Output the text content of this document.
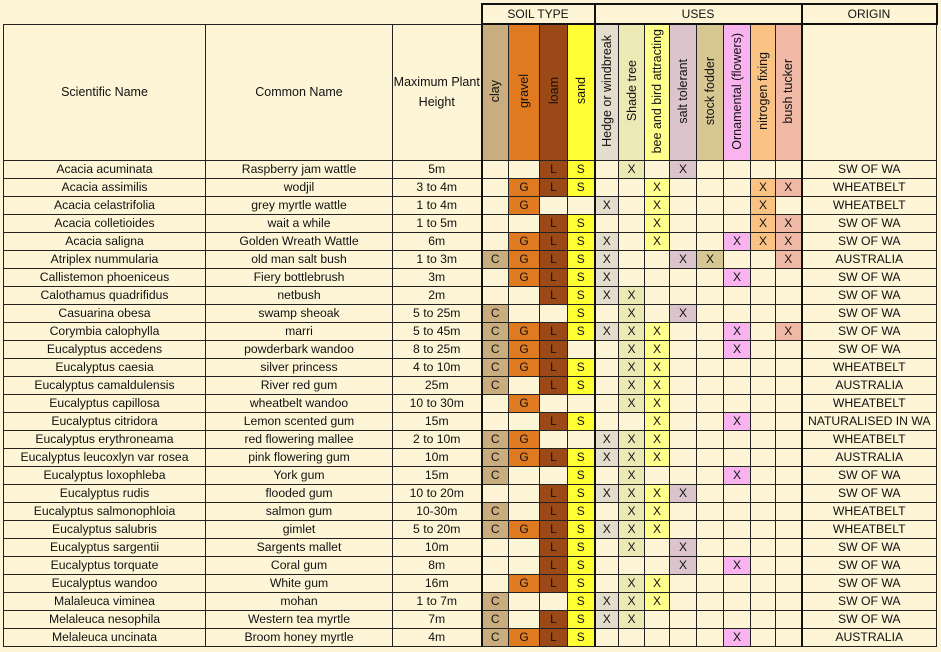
			SOIL TYPE				USES								ORIGIN
Scientific Name	Common Name	Maximum Plant Height	clay	gravel	loam	sand	Hedge or windbreak	Shade tree	bee and bird attracting	salt tolerant	stock fodder	Ornamental (flowers)	nitrogen fixing	bush tucker	
Acacia acuminata	Raspberry jam wattle	5m			L	S		X		X					SW OF WA
Acacia assimilis	wodjil	3 to 4m		G	L	S			X				X	X	WHEATBELT
Acacia celastrifolia	grey myrtle wattle	1 to 4m		G			X		X				X		WHEATBELT
Acacia colletioides	wait a while	1 to 5m			L	S			X				X	X	SW OF WA
Acacia saligna	Golden Wreath Wattle	6m		G	L	S	X		X			X	X	X	SW OF WA
Atriplex nummularia	old man salt bush	1 to 3m	C	G	L	S	X			X	X			X	AUSTRALIA
Callistemon phoeniceus	Fiery bottlebrush	3m		G	L	S	X					X			SW OF WA
Calothamus quadrifidus	netbush	2m			L	S	X	X							SW OF WA
Casuarina obesa	swamp sheoak	5 to 25m	C			S		X		X					SW OF WA
Corymbia calophylla	marri	5 to 45m	C	G	L	S	X	X	X			X		X	SW OF WA
Eucalyptus accedens	powderbark wandoo	8 to 25m	C	G	L			X	X			X			SW OF WA
Eucalyptus caesia	silver princess	4 to 10m	C	G	L	S		X	X						WHEATBELT
Eucalyptus camaldulensis	River red gum	25m	C		L	S		X	X						AUSTRALIA
Eucalyptus capillosa	wheatbelt wandoo	10 to 30m		G				X	X						WHEATBELT
Eucalyptus citridora	Lemon scented gum	15m			L	S			X			X			NATURALISED IN WA
Eucalyptus erythroneama	red flowering mallee	2 to 10m	C	G			X	X	X						WHEATBELT
Eucalyptus leucoxlyn var rosea	pink flowering gum	10m	C	G	L	S	X	X	X						AUSTRALIA
Eucalyptus loxophleba	York gum	15m	C			S		X				X			SW OF WA
Eucalyptus rudis	flooded gum	10 to 20m			L	S	X	X	X	X					SW OF WA
Eucalyptus salmonophloia	salmon gum	10-30m	C		L	S		X	X						WHEATBELT
Eucalyptus salubris	gimlet	5 to 20m	C	G	L	S	X	X	X						WHEATBELT
Eucalyptus sargentii	Sargents mallet	10m			L	S		X		X					SW OF WA
Eucalyptus torquate	Coral gum	8m			L	S				X		X			SW OF WA
Eucalyptus wandoo	White gum	16m		G	L	S		X	X						SW OF WA
Malaleuca viminea	mohan	1 to 7m	C			S	X	X	X						SW OF WA
Melaleuca nesophila	Western tea myrtle	7m	C		L	S	X	X							SW OF WA
Melaleuca uncinata	Broom honey myrtle	4m	C	G	L	S						X			AUSTRALIA
